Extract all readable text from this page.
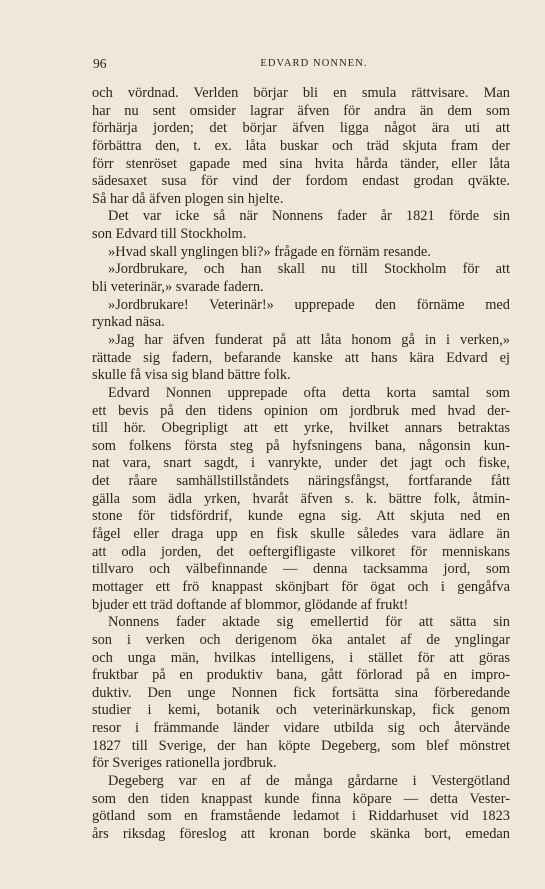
96	EDVARD NONNEN.
och vördnad. Verlden börjar bli en smula rättvisare. Man
har nu sent omsider lagrar äfven för andra än dem som
förhärja jorden; det börjar äfven ligga något ära uti att
förbättra den, t. ex. låta buskar och träd skjuta fram der
förr stenröset gapade med sina hvita hårda tänder, eller låta
sädesaxet susa för vind der fordom endast grodan qväkte.
Så har då äfven plogen sin hjelte.
Det var icke så när Nonnens fader år 1821 förde sin
son Edvard till Stockholm.
»Hvad skall ynglingen bli?» frågade en förnäm resande.
»Jordbrukare, och han skall nu till Stockholm för att
bli veterinär,» svarade fadern.
»Jordbrukare! Veterinär!» upprepade den förnäme med
rynkad näsa.
»Jag har äfven funderat på att låta honom gå in i verken,»
rättade sig fadern, befarande kanske att hans kära Edvard ej
skulle få visa sig bland bättre folk.
Edvard Nonnen upprepade ofta detta korta samtal som
ett bevis på den tidens opinion om jordbruk med hvad der-
till hör. Obegripligt att ett yrke, hvilket annars betraktas
som folkens första steg på hyfsningens bana, någonsin kun-
nat vara, snart sagdt, i vanrykte, under det jagt och fiske,
det råare samhällstillståndets näringsfångst, fortfarande fått
gälla som ädla yrken, hvaråt äfven s. k. bättre folk, åtmin-
stone för tidsfördrif, kunde egna sig. Att skjuta ned en
fågel eller draga upp en fisk skulle således vara ädlare än
att odla jorden, det oeftergifligaste vilkoret för menniskans
tillvaro och välbefinnande — denna tacksamma jord, som
mottager ett frö knappast skönjbart för ögat och i gengåfva
bjuder ett träd doftande af blommor, glödande af frukt!
Nonnens fader aktade sig emellertid för att sätta sin
son i verken och derigenom öka antalet af de ynglingar
och unga män, hvilkas intelligens, i stället för att göras
fruktbar på en produktiv bana, gått förlorad på en impro-
duktiv. Den unge Nonnen fick fortsätta sina förberedande
studier i kemi, botanik och veterinärkunskap, fick genom
resor i främmande länder vidare utbilda sig och återvände
1827 till Sverige, der han köpte Degeberg, som blef mönstret
för Sveriges rationella jordbruk.
Degeberg var en af de många gårdarne i Vestergötland
som den tiden knappast kunde finna köpare — detta Vester-
götland som en framstående ledamot i Riddarhuset vid 1823
års riksdag föreslog att kronan borde skänka bort, emedan
